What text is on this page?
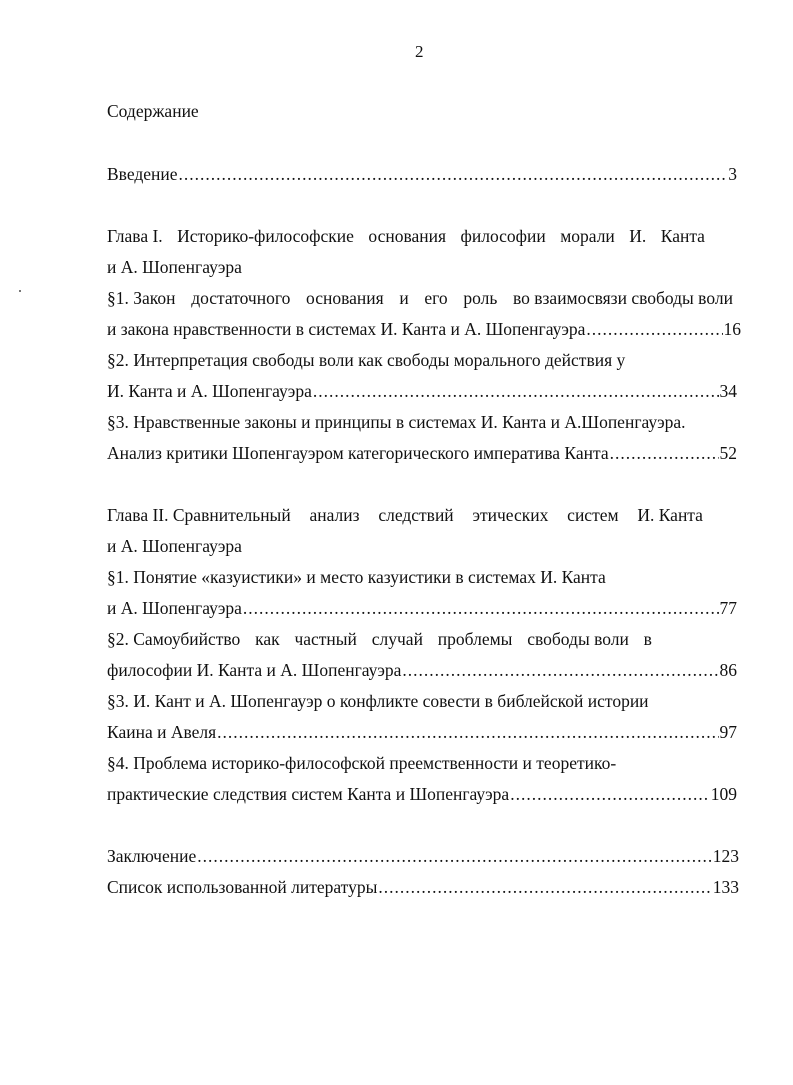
2
Содержание
Введение .....	3
Глава I. Историко-философские основания философии морали И. Канта
и А. Шопенгауэра
§1. Закон достаточного основания и его роль во взаимосвязи свободы воли
и закона нравственности в системах И. Канта и А. Шопенгауэра .....	16
§2. Интерпретация свободы воли как свободы морального действия у
И. Канта и А. Шопенгауэра .....	34
§3. Нравственные законы и принципы в системах И. Канта и А.Шопенгауэра.
Анализ критики Шопенгауэром категорического императива Канта .....	52
Глава II. Сравнительный анализ следствий этических систем И. Канта
и А. Шопенгауэра
§1. Понятие «казуистики» и место казуистики в системах И. Канта
и А. Шопенгауэра .....	77
§2. Самоубийство как частный случай проблемы свободы воли в
философии И. Канта и А. Шопенгауэра .....	86
§3. И. Кант и А. Шопенгауэр о конфликте совести в библейской истории
Каина и Авеля .....	97
§4. Проблема историко-философской преемственности и теоретико-
практические следствия систем Канта и Шопенгауэра .....	109
Заключение .....	123
Список использованной литературы .....	133
